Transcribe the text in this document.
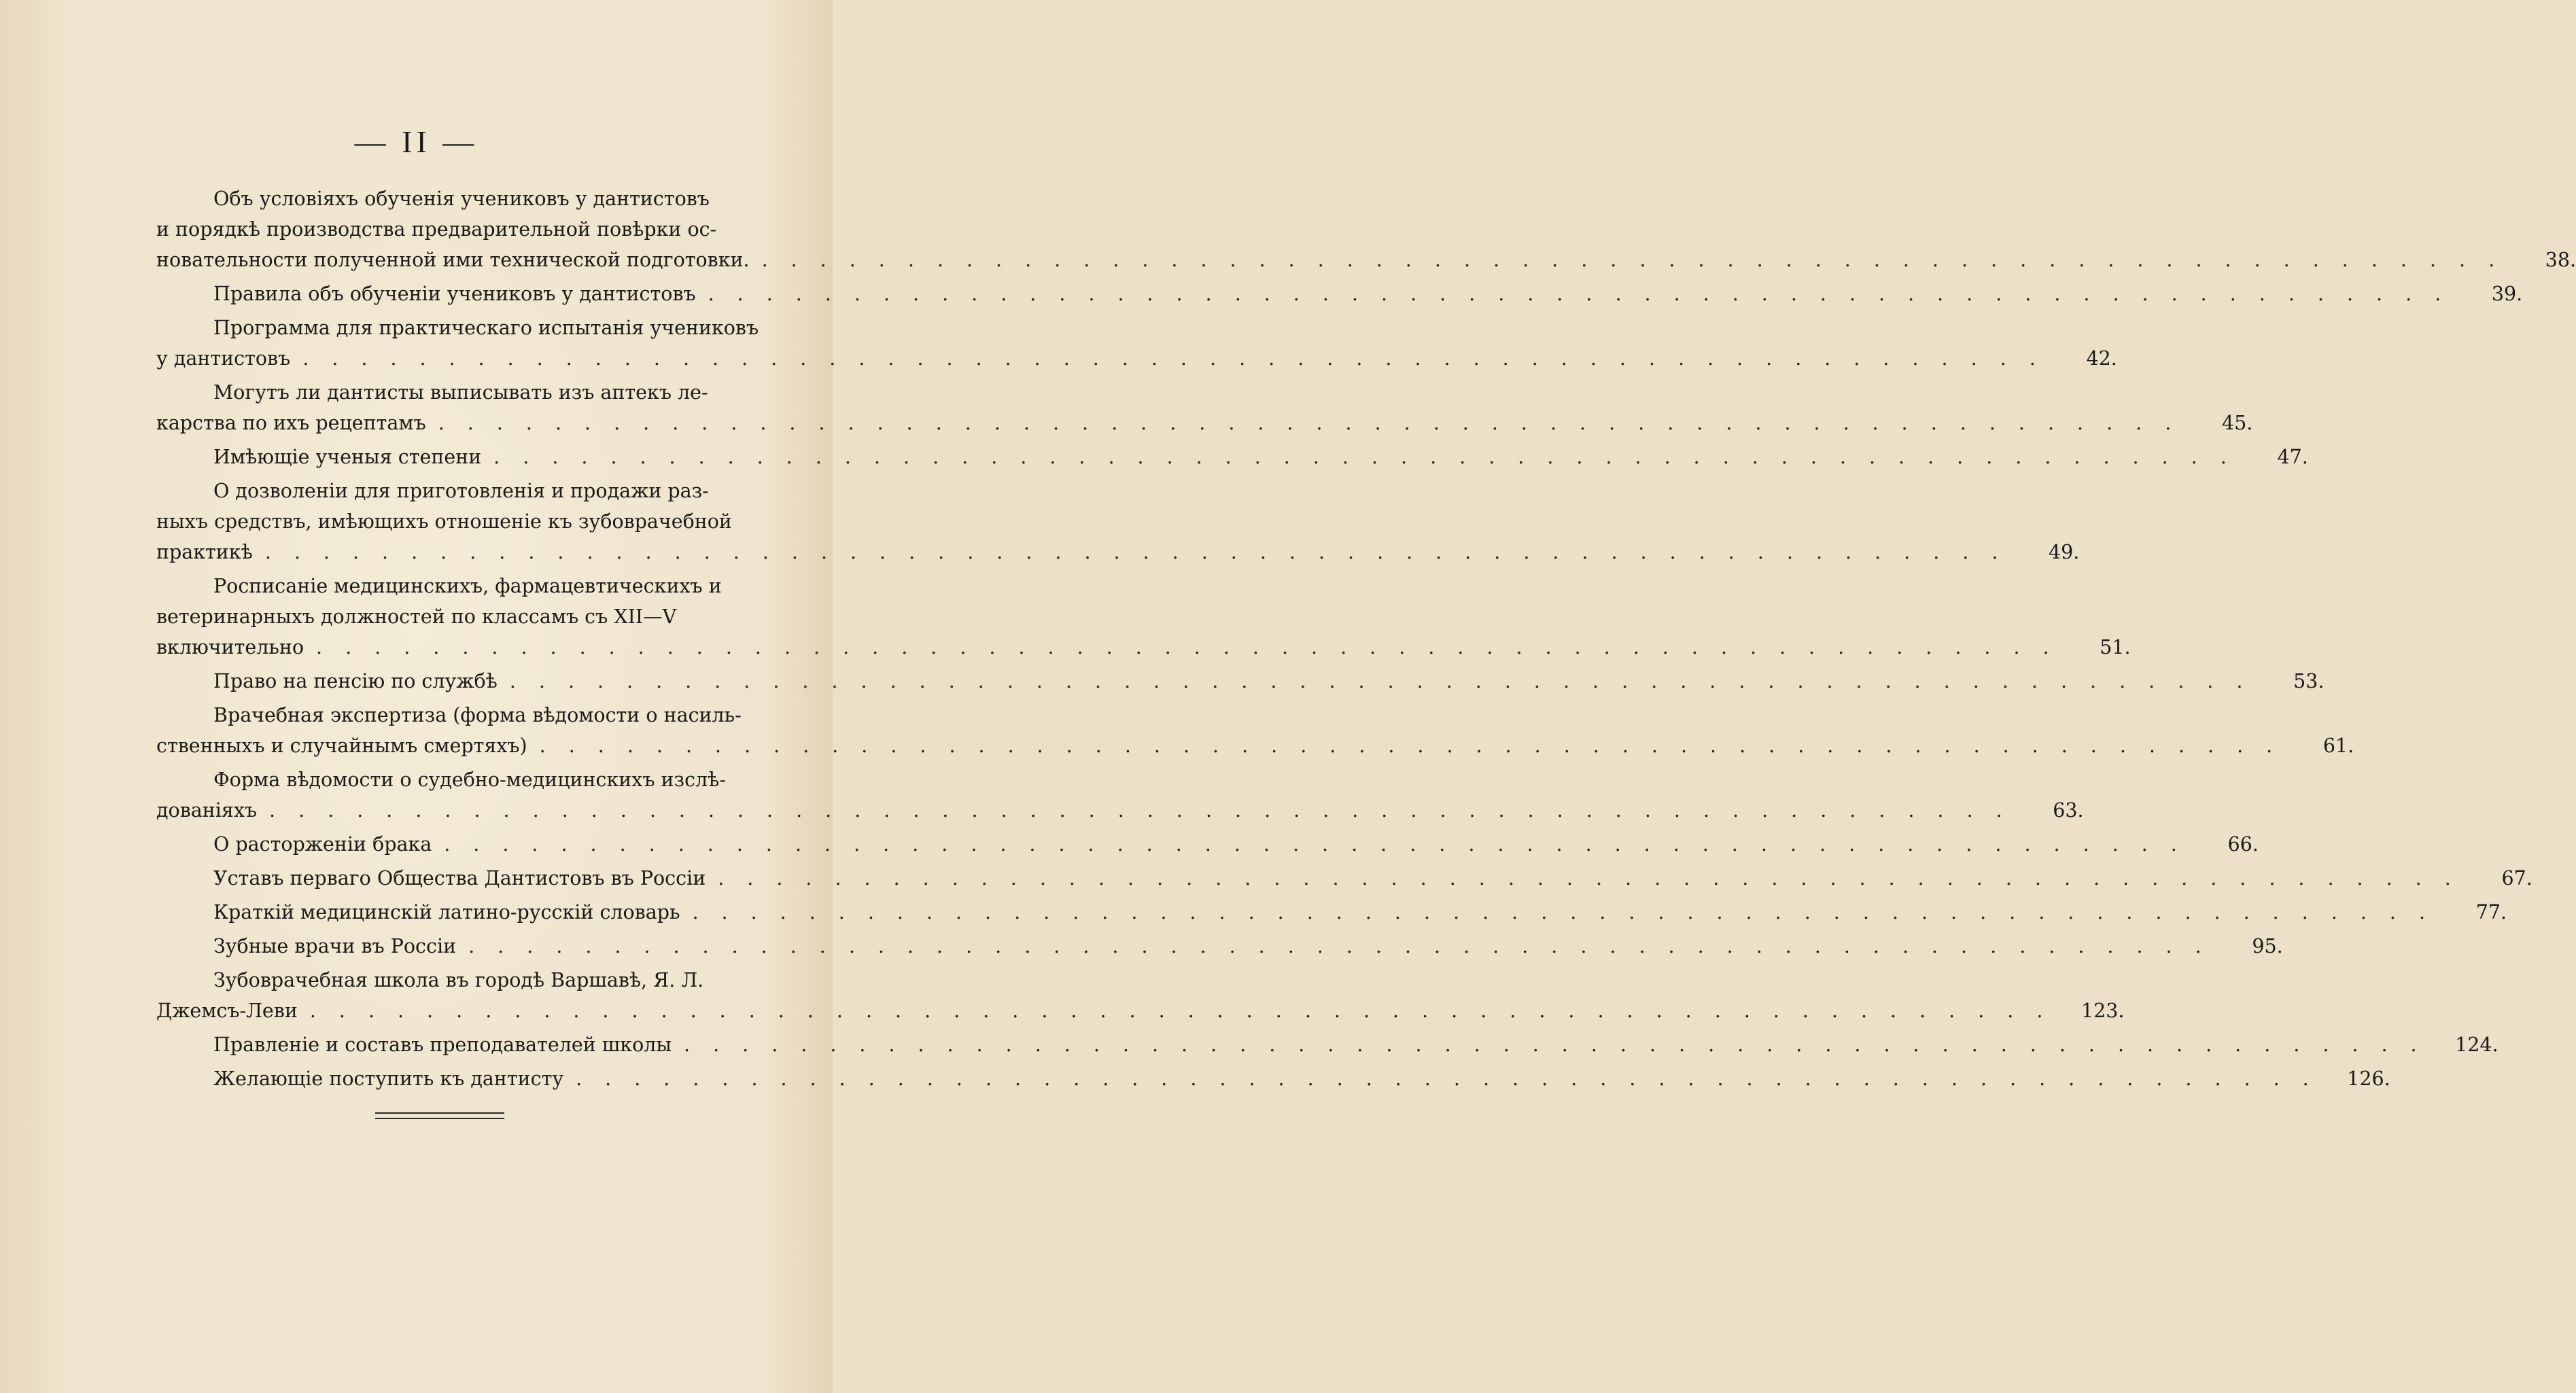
— II —
Объ условiяхъ обученiя учениковъ у дантистовъ
и порядкѣ производства предварительной повѣрки ос-
новательности полученной ими технической подготовки. ............................................................	38.
Правила объ обученiи учениковъ у дантистовъ ............................................................	39.
Программа для практическаго испытанiя учениковъ
у дантистовъ ............................................................	42.
Могутъ ли дантисты выписывать изъ аптекъ ле-
карства по ихъ рецептамъ ............................................................	45.
Имѣющiе ученыя степени ............................................................	47.
О дозволенiи для приготовленiя и продажи раз-
ныхъ средствъ, имѣющихъ отношенiе къ зубоврачебной
практикѣ ............................................................	49.
Росписанiе медицинскихъ, фармацевтическихъ и
ветеринарныхъ должностей по классамъ съ XII—V
включительно ............................................................	51.
Право на пенсiю по службѣ ............................................................	53.
Врачебная экспертиза (форма вѣдомости о насиль-
ственныхъ и случайнымъ смертяхъ) ............................................................	61.
Форма вѣдомости о судебно-медицинскихъ изслѣ-
дованiяхъ ............................................................	63.
О расторженiи брака ............................................................	66.
Уставъ перваго Общества Дантистовъ въ Россiи ............................................................	67.
Краткiй медицинскiй латино-русскiй словарь ............................................................	77.
Зубные врачи въ Россiи ............................................................	95.
Зубоврачебная школа въ городѣ Варшавѣ, Я. Л.
Джемсъ-Леви ............................................................ 123.
Правленiе и составъ преподавателей школы ............................................................ 124.
Желающiе поступить къ дантисту ............................................................ 126.
